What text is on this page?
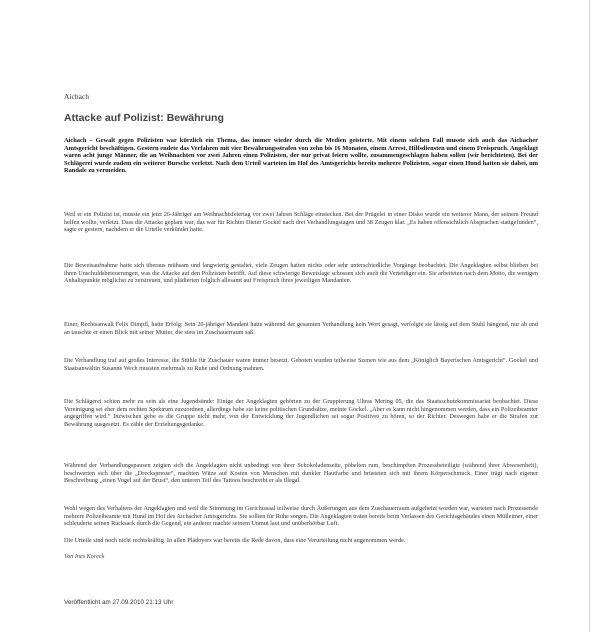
Aichach
Attacke auf Polizist: Bewährung
Aichach – Gewalt gegen Polizisten war kürzlich ein Thema, das immer wieder durch die Medien geisterte. Mit einem solchen Fall musste sich auch das Aichacher Amtsgericht beschäftigen. Gestern endete das Verfahren mit vier Bewährungsstrafen von zehn bis 16 Monaten, einem Arrest, Hilfsdiensten und einem Freispruch. Angeklagt waren acht junge Männer, die an Weihnachten vor zwei Jahren einen Polizisten, der nur privat feiern wollte, zusammengeschlagen haben sollen (wir berichteten). Bei der Schlägerei wurde zudem ein weiterer Bursche verletzt. Nach dem Urteil warteten im Hof des Amtsgerichts bereits mehrere Polizisten, sogar einen Hund hatten sie dabei, um Randale zu vermeiden.

Weil er ein Polizist ist, musste ein jetzt 26-Jähriger am Weihnachtsfeiertag vor zwei Jahren Schläge einstecken. Bei der Prügelei in einer Disko wurde ein weiterer Mann, der seinem Freund helfen wollte, verletzt. Dass die Attacke geplant war, das war für Richter Dieter Gockel nach drei Verhandlungstagen und 38 Zeugen klar. „Es haben offensichtlich Absprachen stattgefunden“, sagte er gestern, nachdem er die Urteile verkündet hatte.

Die Beweisaufnahme hatte sich überaus mühsam und langwierig gestaltet, viele Zeugen hatten nichts oder sehr unterschiedliche Vorgänge beobachtet. Die Angeklagten selbst blieben bei ihren Unschuldsbeteuerungen, was die Attacke auf den Polizisten betrifft. Auf diese schwierige Beweislage schossen sich auch die Verteidiger ein. Sie arbeiteten nach dem Motto, die wenigen Anhaltspunkte möglichst zu zerstreuen, und plädierten folglich allesamt auf Freispruch ihres jeweiligen Mandanten.

Einer, Rechtsanwalt Felix Dimpfl, hatte Erfolg: Sein 20-jähriger Mandant hatte während der gesamten Verhandlung kein Wort gesagt, verfolgte sie lässig auf dem Stuhl hängend, nur ab und an tauschte er einen Blick mit seiner Mutter, die stets im Zuschauerraum saß.

Die Verhandlung traf auf großes Interesse, die Stühle für Zuschauer waren immer besetzt. Geboten wurden teilweise Szenen wie aus dem „Königlich Bayerischen Amtsgericht“. Gockel und Staatsanwältin Susanne Wech mussten mehrmals zu Ruhe und Ordnung mahnen.

Die Schlägerei schien mehr zu sein als eine Jugendsünde: Einige der Angeklagten gehörten zu der Gruppierung Ultras Mering 05, die das Staatsschutzkommissariat beobachtet. Diese Vereinigung sei eher dem rechten Spektrum zuzuordnen, allerdings habe sie keine politischen Grundsätze, meinte Gockel. „Aber es kann nicht hingenommen werden, dass ein Polizeibeamter angegriffen wird.“ Inzwischen gebe es die Gruppe nicht mehr, von der Entwicklung der Jugendlichen sei sogar Positives zu hören, so der Richter. Deswegen habe er die Strafen zur Bewährung ausgesetzt. Es zähle der Erziehungsgedanke.

Während der Verhandlungspausen zeigten sich die Angeklagten nicht unbedingt von ihrer Schokoladenseite, pöbelten rum, beschimpften Prozessbeteiligte (während ihrer Abwesenheit), beschwerten sich über die „Dreckspresse“, machten Witze auf Kosten von Menschen mit dunkler Hautfarbe und brüsteten sich mit ihrem Körperschmuck. Einer trägt nach eigener Beschreibung „einen Vogel auf der Brust“, den unteren Teil des Tattoos beschreibt er als illegal.

Wohl wegen des Verhaltens der Angeklagten und weil die Stimmung im Gerichtssaal teilweise durch Äußerungen aus dem Zuschauerraum aufgeheizt worden war, warteten nach Prozessende mehrere Polizeibeamte mit Hund im Hof des Aichacher Amtsgerichts. Sie sollten für Ruhe sorgen. Die Angeklagten traten bereits beim Verlassen des Gerichtsgebäudes einen Mülleimer, einer schleuderte seinen Rucksack durch die Gegend, ein anderer machte seinem Unmut laut und unüberhörbar Luft.

Die Urteile sind noch nicht rechtskräftig. In allen Plädoyers war bereits die Rede davon, dass eine Verurteilung nicht angenommen werde.

Von Ines Koreck
Veröffentlicht am 27.09.2010 21:13 Uhr
